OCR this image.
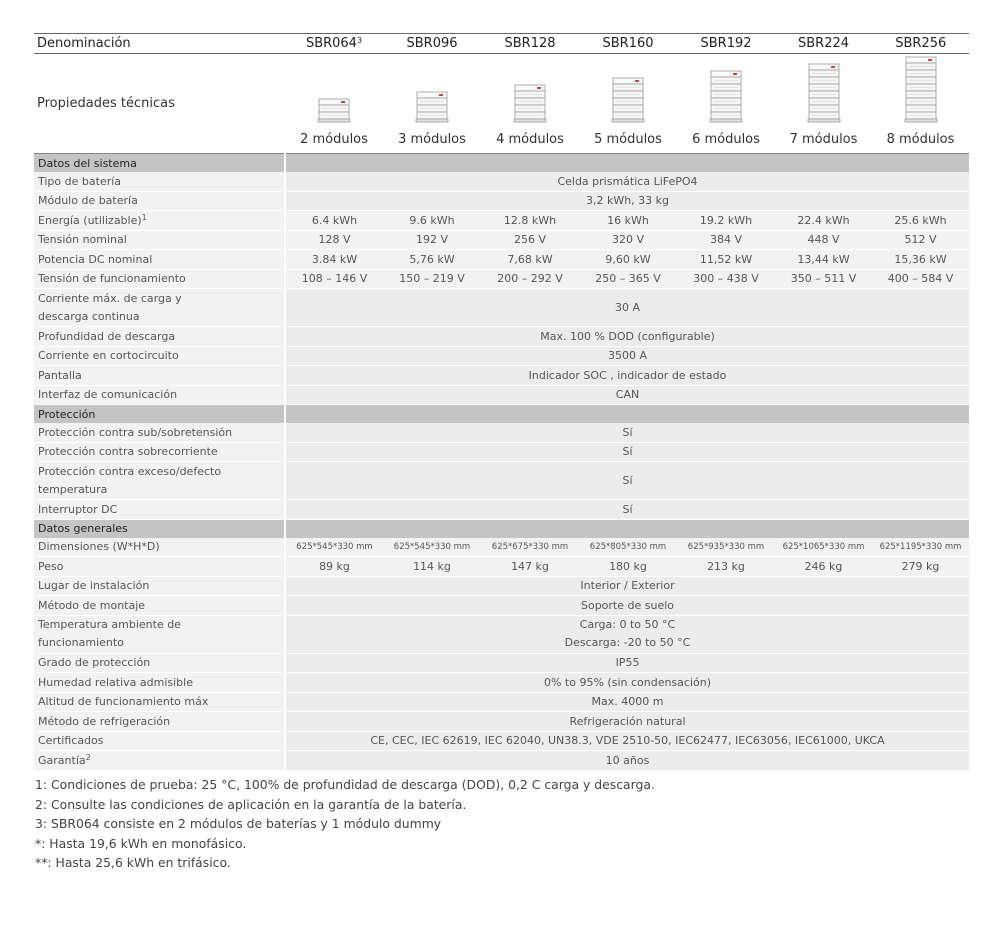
Denominación	$SBR064^3$	SBR096	SBR128	SBR160	SBR192	SBR224	SBR256
Propiedades técnicas	2 módulos	3 módulos	4 módulos	5 módulos	6 módulos	7 módulos	8 módulos

Datos del sistema							
Tipo de batería	Celda prismática LiFePO4						
Módulo de batería	3,2 kWh, 33 kg						
Energía (utilizable)$^1$	6.4 kWh	9.6 kWh	12.8 kWh	16 kWh	19.2 kWh	22.4 kWh	25.6 kWh
Tensión nominal	128 V	192 V	256 V	320 V	384 V	448 V	512 V
Potencia DC nominal	3.84 kW	5,76 kW	7,68 kW	9,60 kW	11,52 kW	13,44 kW	15,36 kW
Tensión de funcionamiento	108 – 146 V	150 – 219 V	200 – 292 V	250 – 365 V	300 – 438 V	350 – 511 V	400 – 584 V
Corriente máx. de carga y
descarga continua	30 A						
Profundidad de descarga	Max. 100 % DOD (configurable)						
Corriente en cortocircuito	3500 A						
Pantalla	Indicador SOC , indicador de estado						
Interfaz de comunicación	CAN						
Protección							
Protección contra sub/sobretensión	Sí						
Protección contra sobrecorriente	Sí						
Protección contra exceso/defecto
temperatura	Sí						
Interruptor DC	Sí						
Datos generales							
Dimensiones (W*H*D)	625*545*330 mm	625*545*330 mm	625*675*330 mm	625*805*330 mm	625*935*330 mm	625*1065*330 mm	625*1195*330 mm
Peso	89 kg	114 kg	147 kg	180 kg	213 kg	246 kg	279 kg
Lugar de instalación	Interior / Exterior						
Método de montaje	Soporte de suelo						
Temperatura ambiente de
funcionamiento	Carga: 0 to 50 °C
Descarga: -20 to 50 °C						
Grado de protección	IP55						
Humedad relativa admisible	0% to 95% (sin condensación)						
Altitud de funcionamiento máx	Max. 4000 m						
Método de refrigeración	Refrigeración natural						
Certificados	CE, CEC, IEC 62619, IEC 62040, UN38.3, VDE 2510-50, IEC62477, IEC63056, IEC61000, UKCA						
Garantía$^2$	10 años						
1: Condiciones de prueba: 25 °C, 100% de profundidad de descarga (DOD), 0,2 C carga y descarga.
2: Consulte las condiciones de aplicación en la garantía de la batería.
3: SBR064 consiste en 2 módulos de baterías y 1 módulo dummy
*: Hasta 19,6 kWh en monofásico.
**: Hasta 25,6 kWh en trifásico.
